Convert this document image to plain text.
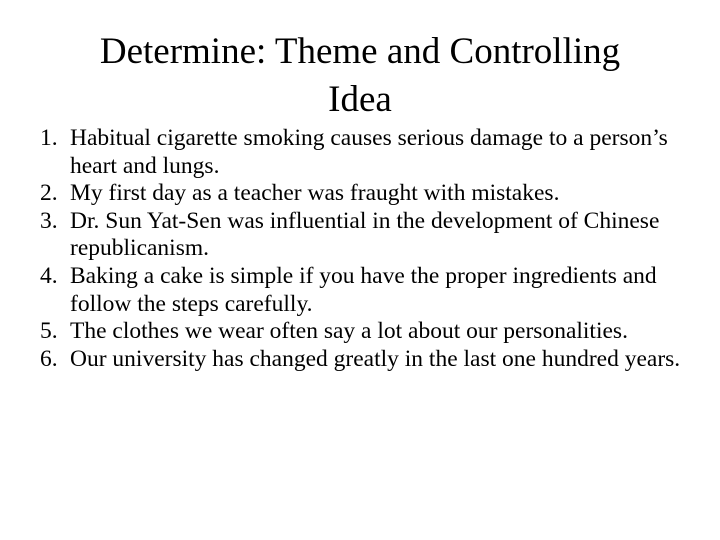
Determine: Theme and Controlling
Idea
1. Habitual cigarette smoking causes serious damage to a person’s heart and lungs.
2. My first day as a teacher was fraught with mistakes.
3. Dr. Sun Yat-Sen was influential in the development of Chinese republicanism.
4. Baking a cake is simple if you have the proper ingredients and follow the steps carefully.
5. The clothes we wear often say a lot about our personalities.
6. Our university has changed greatly in the last one hundred years.
